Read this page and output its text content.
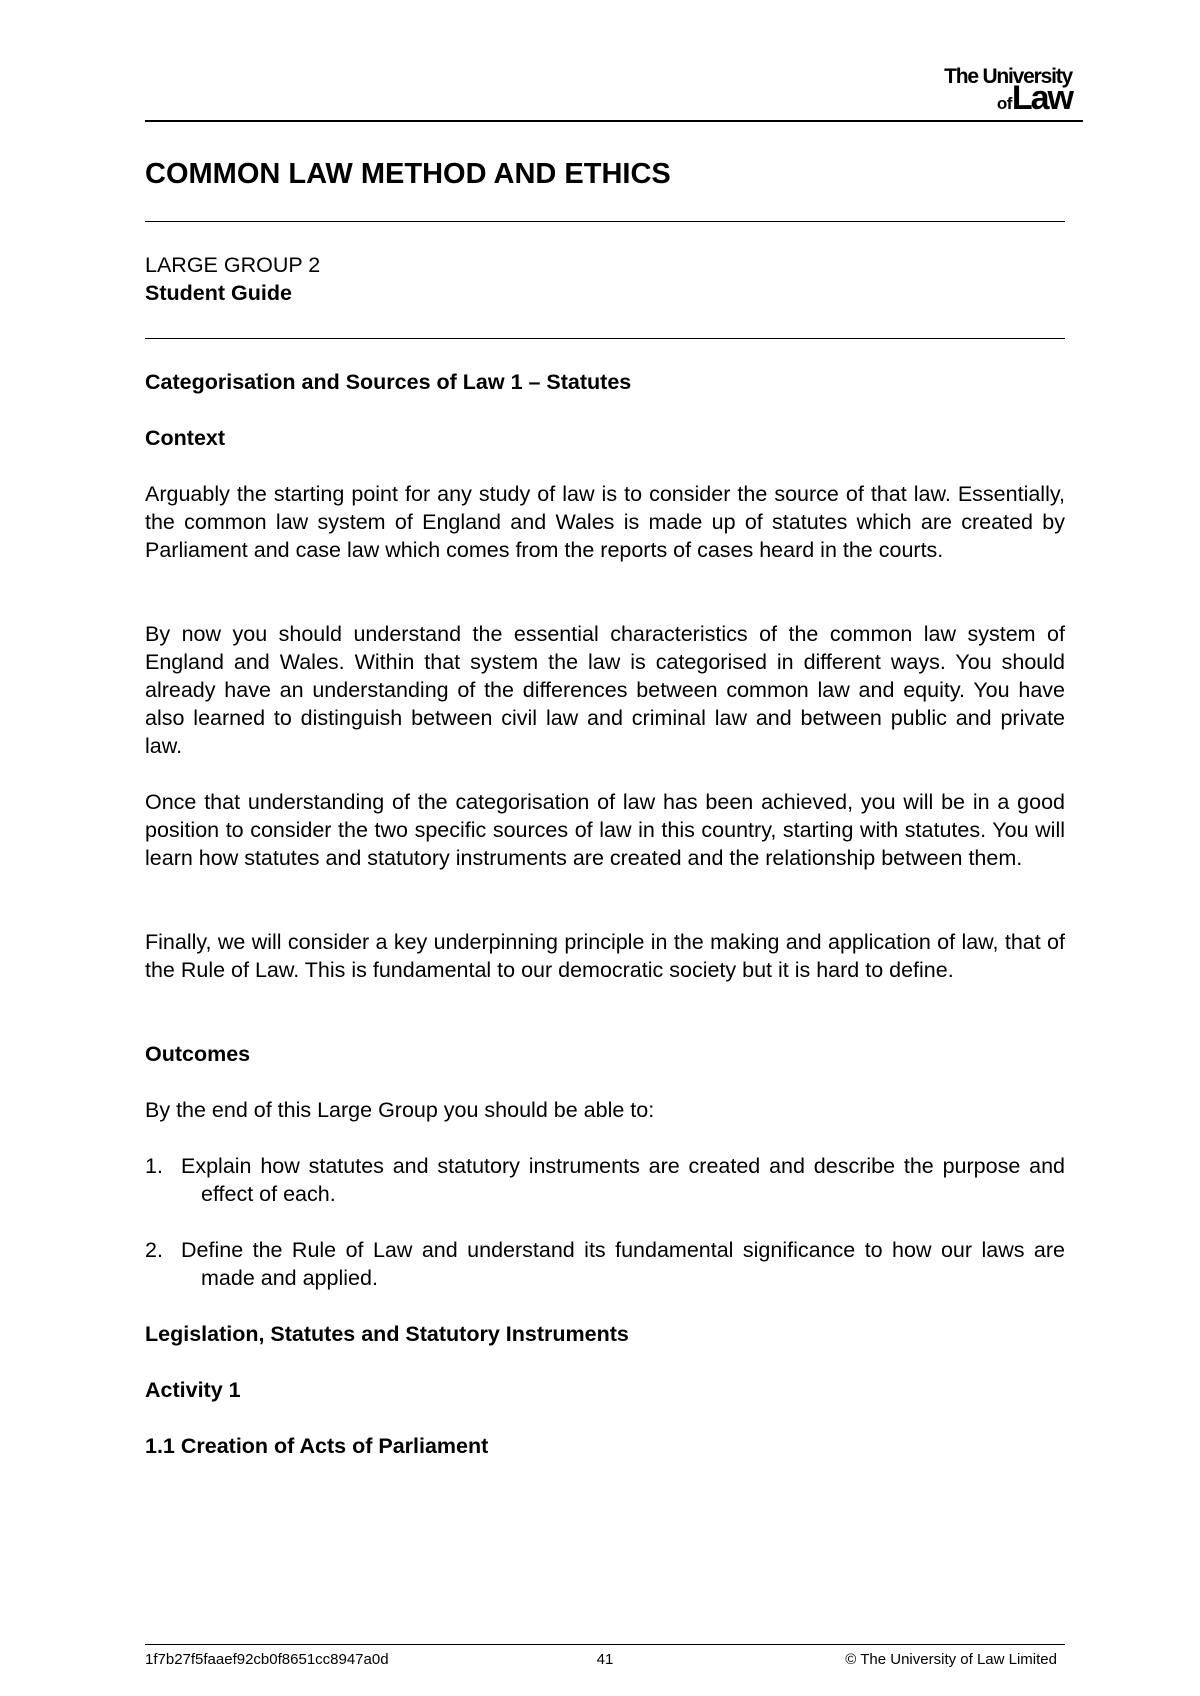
The University
ofLaw
COMMON LAW METHOD AND ETHICS

LARGE GROUP 2

Student Guide

Categorisation and Sources of Law 1 – Statutes

Context

Arguably the starting point for any study of law is to consider the source of that law. Essentially, the common law system of England and Wales is made up of statutes which are created by Parliament and case law which comes from the reports of cases heard in the courts.

By now you should understand the essential characteristics of the common law system of England and Wales. Within that system the law is categorised in different ways. You should already have an understanding of the differences between common law and equity. You have also learned to distinguish between civil law and criminal law and between public and private law.

Once that understanding of the categorisation of law has been achieved, you will be in a good position to consider the two specific sources of law in this country, starting with statutes. You will learn how statutes and statutory instruments are created and the relationship between them.

Finally, we will consider a key underpinning principle in the making and application of law, that of the Rule of Law. This is fundamental to our democratic society but it is hard to define.

Outcomes

By the end of this Large Group you should be able to:

1. Explain how statutes and statutory instruments are created and describe the purpose and effect of each.

2. Define the Rule of Law and understand its fundamental significance to how our laws are made and applied.

Legislation, Statutes and Statutory Instruments

Activity 1

1.1 Creation of Acts of Parliament

1f7b27f5faaef92cb0f8651cc8947a0d	41	© The University of Law Limited
